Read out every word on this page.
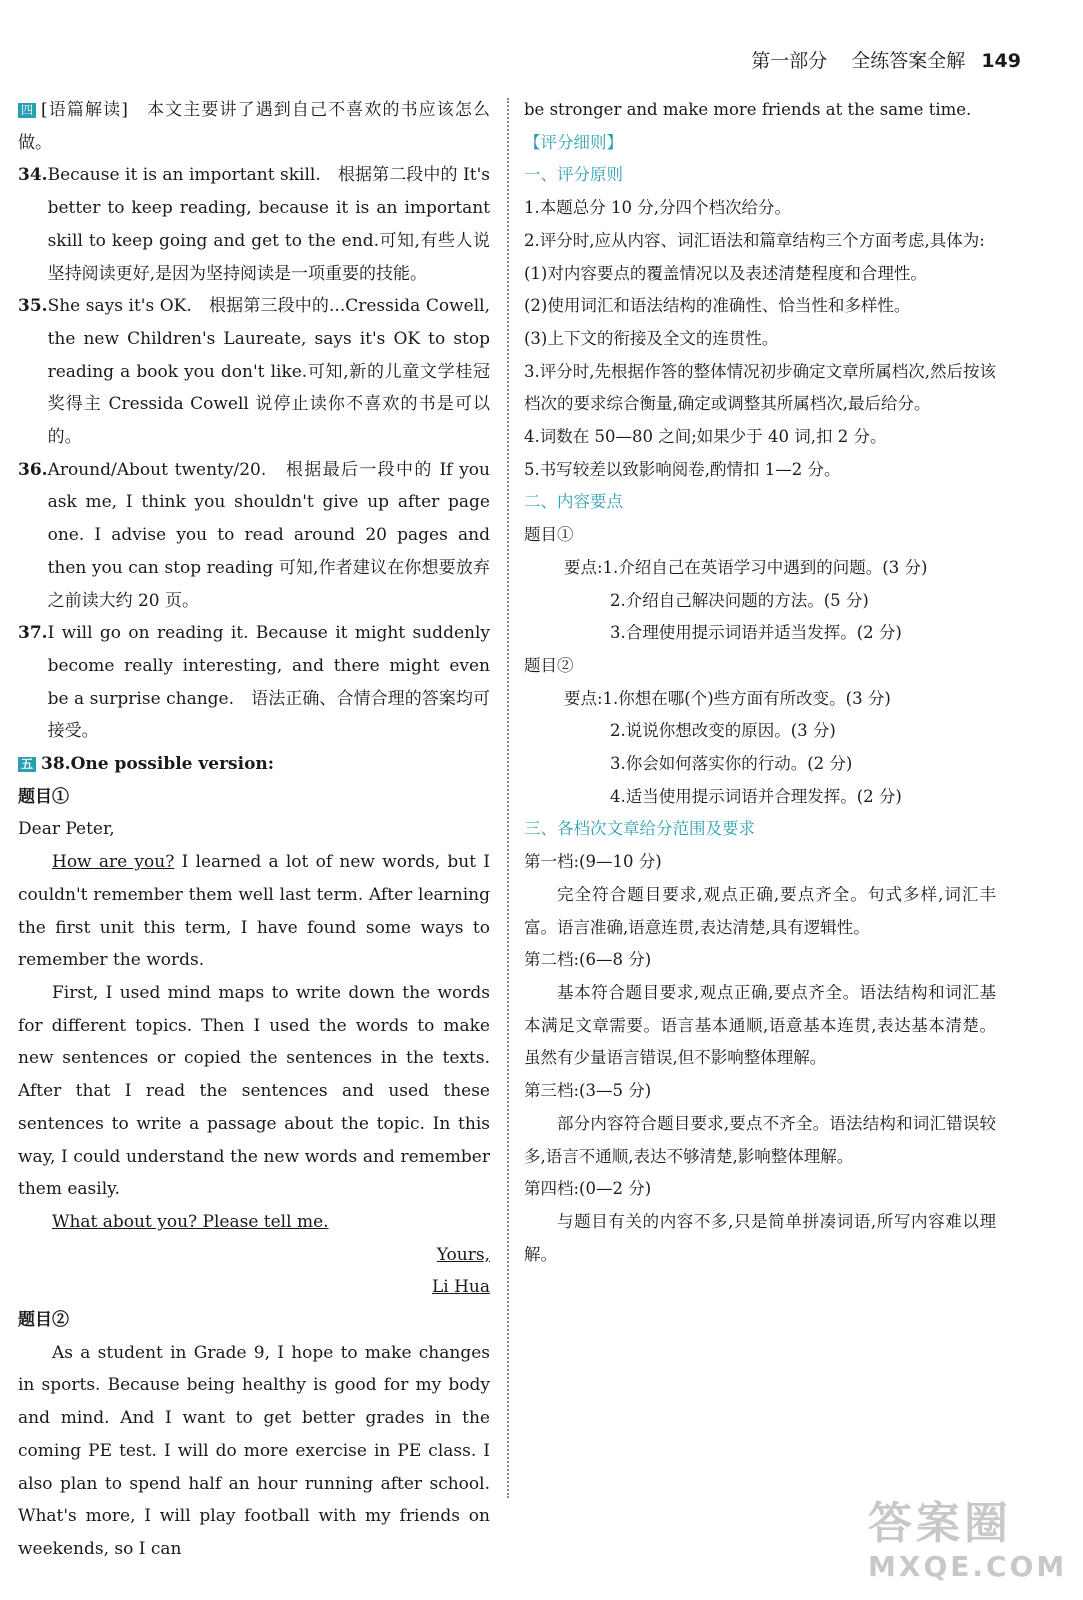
第一部分 全练答案全解 149

四 [语篇解读]　本文主要讲了遇到自己不喜欢的书应该怎么做。

34. Because it is an important skill.　根据第二段中的 It's better to keep reading, because it is an important skill to keep going and get to the end.可知,有些人说坚持阅读更好,是因为坚持阅读是一项重要的技能。
35. She says it's OK.　根据第三段中的...Cressida Cowell, the new Children's Laureate, says it's OK to stop reading a book you don't like.可知,新的儿童文学桂冠奖得主 Cressida Cowell 说停止读你不喜欢的书是可以的。
36. Around/About twenty/20.　根据最后一段中的 If you ask me, I think you shouldn't give up after page one. I advise you to read around 20 pages and then you can stop reading 可知,作者建议在你想要放弃之前读大约 20 页。
37. I will go on reading it. Because it might suddenly become really interesting, and there might even be a surprise change.　语法正确、合情合理的答案均可接受。

五 38.One possible version:

题目①

Dear Peter,

How are you? I learned a lot of new words, but I couldn't remember them well last term. After learning the first unit this term, I have found some ways to remember the words.

First, I used mind maps to write down the words for different topics. Then I used the words to make new sentences or copied the sentences in the texts. After that I read the sentences and used these sentences to write a passage about the topic. In this way, I could understand the new words and remember them easily.

What about you? Please tell me.

Yours,

Li Hua

题目②

As a student in Grade 9, I hope to make changes in sports. Because being healthy is good for my body and mind. And I want to get better grades in the coming PE test. I will do more exercise in PE class. I also plan to spend half an hour running after school. What's more, I will play football with my friends on weekends, so I can

be stronger and make more friends at the same time.

【评分细则】

一、评分原则

1.本题总分 10 分,分四个档次给分。

2.评分时,应从内容、词汇语法和篇章结构三个方面考虑,具体为:

(1)对内容要点的覆盖情况以及表述清楚程度和合理性。

(2)使用词汇和语法结构的准确性、恰当性和多样性。

(3)上下文的衔接及全文的连贯性。

3.评分时,先根据作答的整体情况初步确定文章所属档次,然后按该档次的要求综合衡量,确定或调整其所属档次,最后给分。

4.词数在 50—80 之间;如果少于 40 词,扣 2 分。

5.书写较差以致影响阅卷,酌情扣 1—2 分。

二、内容要点

题目①

要点:1.介绍自己在英语学习中遇到的问题。(3 分)

2.介绍自己解决问题的方法。(5 分)

3.合理使用提示词语并适当发挥。(2 分)

题目②

要点:1.你想在哪(个)些方面有所改变。(3 分)

2.说说你想改变的原因。(3 分)

3.你会如何落实你的行动。(2 分)

4.适当使用提示词语并合理发挥。(2 分)

三、各档次文章给分范围及要求

第一档:(9—10 分)

完全符合题目要求,观点正确,要点齐全。句式多样,词汇丰富。语言准确,语意连贯,表达清楚,具有逻辑性。

第二档:(6—8 分)

基本符合题目要求,观点正确,要点齐全。语法结构和词汇基本满足文章需要。语言基本通顺,语意基本连贯,表达基本清楚。虽然有少量语言错误,但不影响整体理解。

第三档:(3—5 分)

部分内容符合题目要求,要点不齐全。语法结构和词汇错误较多,语言不通顺,表达不够清楚,影响整体理解。

第四档:(0—2 分)

与题目有关的内容不多,只是简单拼凑词语,所写内容难以理解。

答案圈
MXQE.COM
